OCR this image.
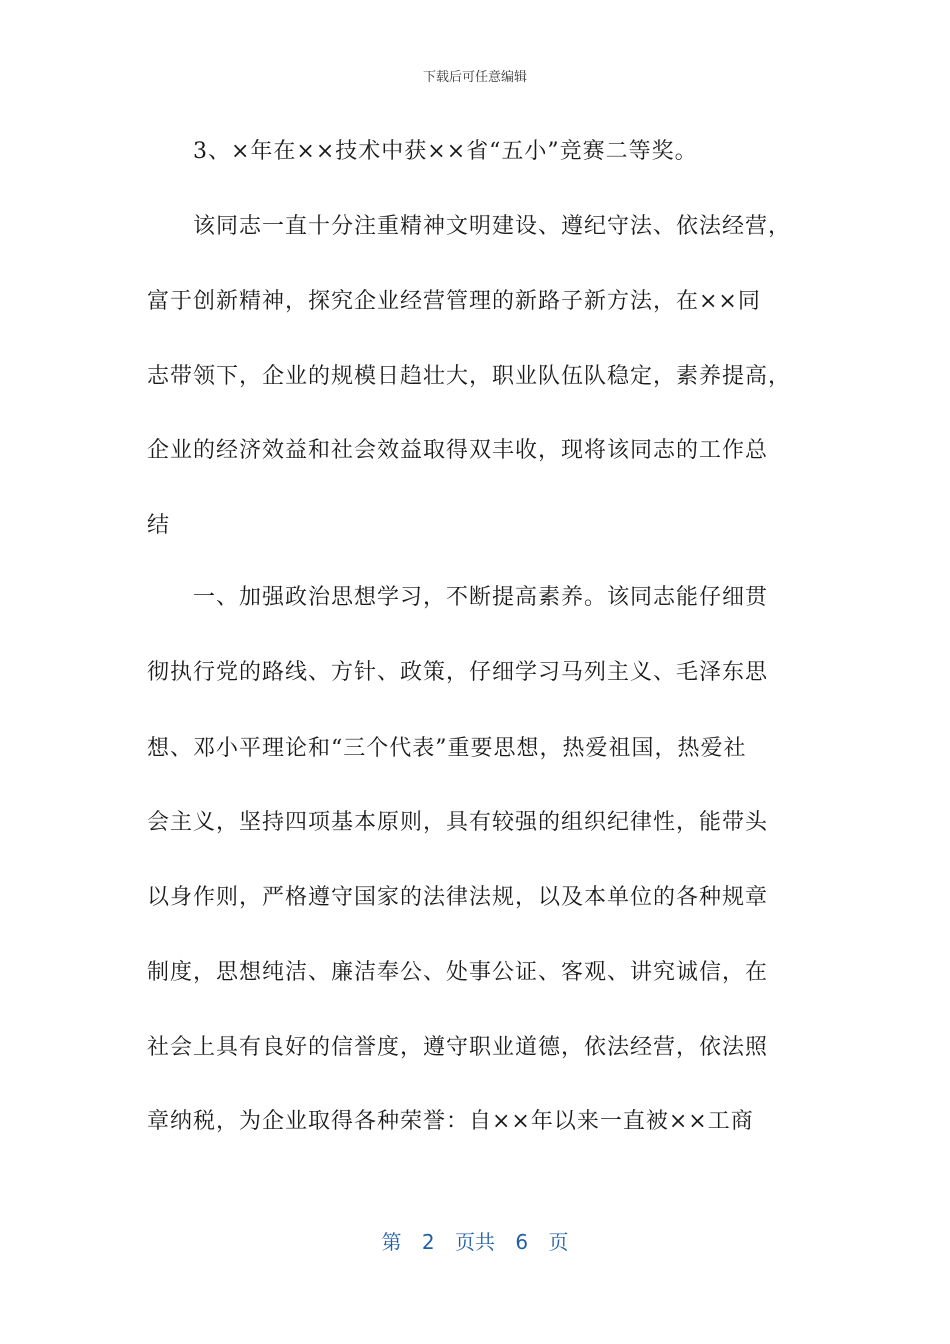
下载后可任意编辑
3、×年在××技术中获××省“五小”竞赛二等奖。
该同志一直十分注重精神文明建设、遵纪守法、依法经营，
富于创新精神，探究企业经营管理的新路子新方法，在××同
志带领下，企业的规模日趋壮大，职业队伍队稳定，素养提高，
企业的经济效益和社会效益取得双丰收，现将该同志的工作总
结
一、加强政治思想学习，不断提高素养。该同志能仔细贯
彻执行党的路线、方针、政策，仔细学习马列主义、毛泽东思
想、邓小平理论和“三个代表”重要思想，热爱祖国，热爱社
会主义，坚持四项基本原则，具有较强的组织纪律性，能带头
以身作则，严格遵守国家的法律法规，以及本单位的各种规章
制度，思想纯洁、廉洁奉公、处事公证、客观、讲究诚信，在
社会上具有良好的信誉度，遵守职业道德，依法经营，依法照
章纳税，为企业取得各种荣誉：自××年以来一直被××工商
第 2 页共 6 页
